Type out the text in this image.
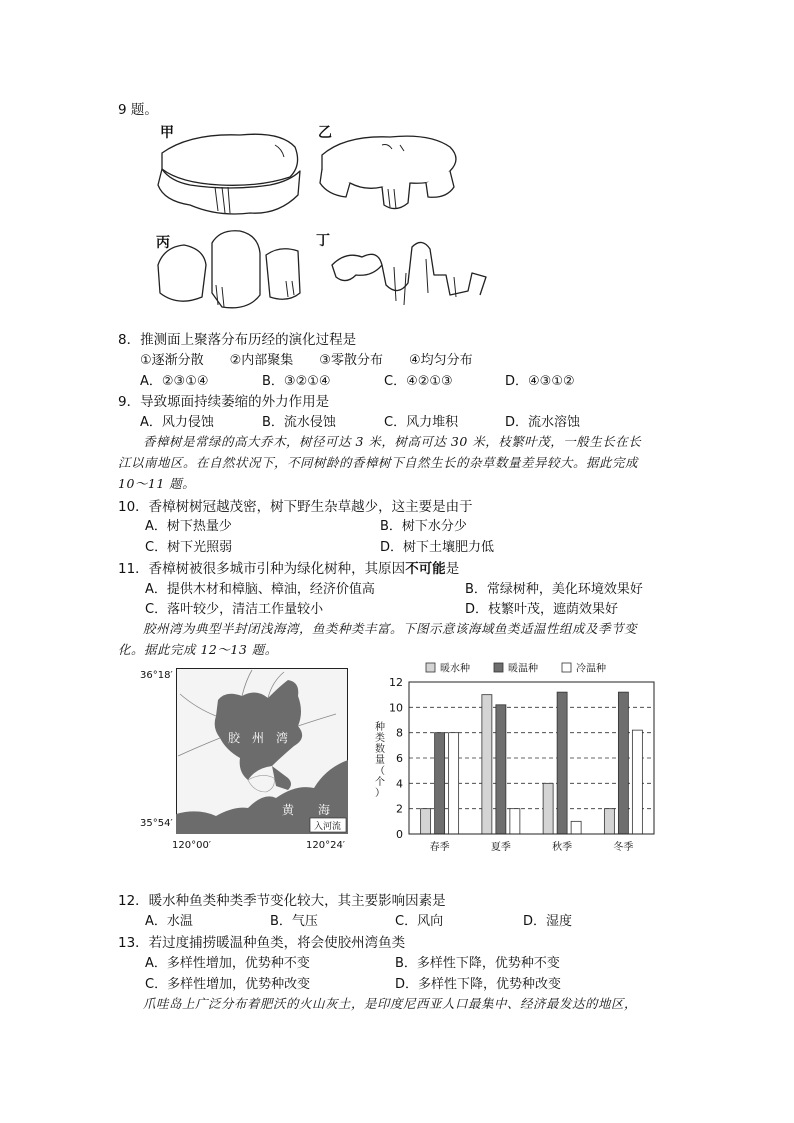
9 题。
甲	乙
丙	丁
8．推测面上聚落分布历经的演化过程是
①逐渐分散　　②内部聚集　　③零散分布　　④均匀分布
A．②③①④	B．③②①④	C．④②①③	D．④③①②
9．导致塬面持续萎缩的外力作用是
A．风力侵蚀	B．流水侵蚀	C．风力堆积	D．流水溶蚀
香樟树是常绿的高大乔木，树径可达 3 米，树高可达 30 米，枝繁叶茂，一般生长在长
江以南地区。在自然状况下，不同树龄的香樟树下自然生长的杂草数量差异较大。据此完成
10～11 题。
10．香樟树树冠越茂密，树下野生杂草越少，这主要是由于
A．树下热量少	B．树下水分少
C．树下光照弱	D．树下土壤肥力低
11．香樟树被很多城市引种为绿化树种，其原因不可能是
A．提供木材和樟脑、樟油，经济价值高	B．常绿树种，美化环境效果好
C．落叶较少，清洁工作量较小	D．枝繁叶茂，遮荫效果好
胶州湾为典型半封闭浅海湾，鱼类种类丰富。下图示意该海域鱼类适温性组成及季节变
化。据此完成 12～13 题。
36°18′
35°54′
120°00′	120°24′
胶　州　湾
黄　　海
入河流
暖水种	暖温种	冷温种
种
类
数
量
（
个
）
0
2
4
6
8
10
12
春季	夏季	秋季	冬季
12．暖水种鱼类种类季节变化较大，其主要影响因素是
A．水温	B．气压	C．风向	D．湿度
13．若过度捕捞暖温种鱼类，将会使胶州湾鱼类
A．多样性增加，优势种不变	B．多样性下降，优势种不变
C．多样性增加，优势种改变	D．多样性下降，优势种改变
爪哇岛上广泛分布着肥沃的火山灰土，是印度尼西亚人口最集中、经济最发达的地区，
